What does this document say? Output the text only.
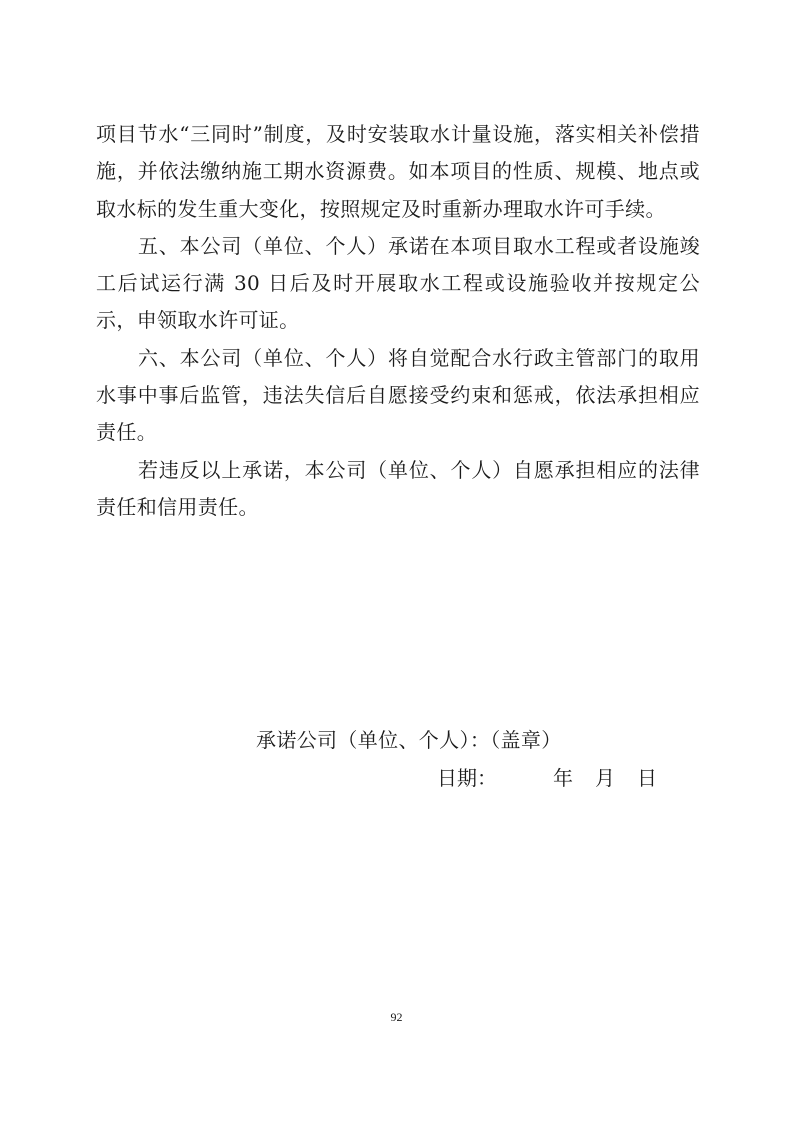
项目节水“三同时”制度，及时安装取水计量设施，落实相关补偿措施，并依法缴纳施工期水资源费。如本项目的性质、规模、地点或取水标的发生重大变化，按照规定及时重新办理取水许可手续。

五、本公司（单位、个人）承诺在本项目取水工程或者设施竣工后试运行满 30 日后及时开展取水工程或设施验收并按规定公示，申领取水许可证。

六、本公司（单位、个人）将自觉配合水行政主管部门的取用水事中事后监管，违法失信后自愿接受约束和惩戒，依法承担相应责任。

若违反以上承诺，本公司（单位、个人）自愿承担相应的法律责任和信用责任。

承诺公司（单位、个人）：（盖章）
日期：	年 月 日
92
